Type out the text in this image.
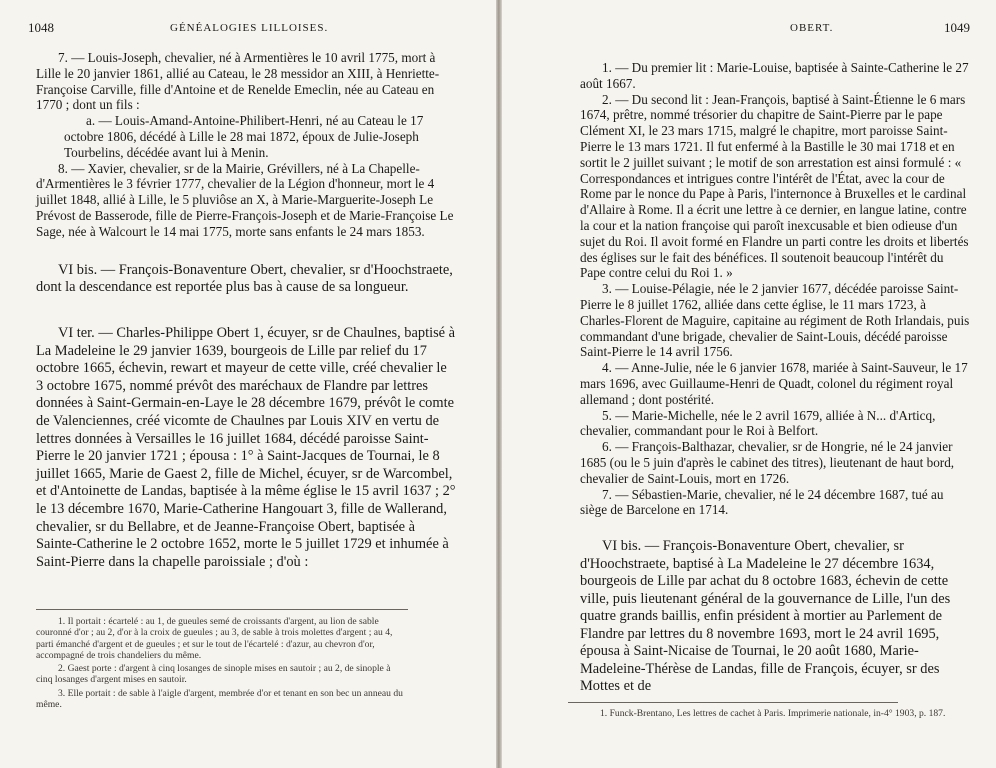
1048	GÉNÉALOGIES LILLOISES.

7. — Louis-Joseph, chevalier, né à Armentières le 10 avril 1775, mort à Lille le 20 janvier 1861, allié au Cateau, le 28 messidor an XIII, à Henriette-Françoise Carville, fille d'Antoine et de Renelde Emeclin, née au Cateau en 1770 ; dont un fils :

a. — Louis-Amand-Antoine-Philibert-Henri, né au Cateau le 17 octobre 1806, décédé à Lille le 28 mai 1872, époux de Julie-Joseph Tourbelins, décédée avant lui à Menin.

8. — Xavier, chevalier, sr de la Mairie, Grévillers, né à La Chapelle-d'Armentières le 3 février 1777, chevalier de la Légion d'honneur, mort le 4 juillet 1848, allié à Lille, le 5 pluviôse an X, à Marie-Marguerite-Joseph Le Prévost de Basserode, fille de Pierre-François-Joseph et de Marie-Françoise Le Sage, née à Walcourt le 14 mai 1775, morte sans enfants le 24 mars 1853.

VI bis. — François-Bonaventure Obert, chevalier, sr d'Hoochstraete, dont la descendance est reportée plus bas à cause de sa longueur.

VI ter. — Charles-Philippe Obert 1, écuyer, sr de Chaulnes, baptisé à La Madeleine le 29 janvier 1639, bourgeois de Lille par relief du 17 octobre 1665, échevin, rewart et mayeur de cette ville, créé chevalier le 3 octobre 1675, nommé prévôt des maréchaux de Flandre par lettres données à Saint-Germain-en-Laye le 28 décembre 1679, prévôt le comte de Valenciennes, créé vicomte de Chaulnes par Louis XIV en vertu de lettres données à Versailles le 16 juillet 1684, décédé paroisse Saint-Pierre le 20 janvier 1721 ; épousa : 1° à Saint-Jacques de Tournai, le 8 juillet 1665, Marie de Gaest 2, fille de Michel, écuyer, sr de Warcombel, et d'Antoinette de Landas, baptisée à la même église le 15 avril 1637 ; 2° le 13 décembre 1670, Marie-Catherine Hangouart 3, fille de Wallerand, chevalier, sr du Bellabre, et de Jeanne-Françoise Obert, baptisée à Sainte-Catherine le 2 octobre 1652, morte le 5 juillet 1729 et inhumée à Saint-Pierre dans la chapelle paroissiale ; d'où :

1. Il portait : écartelé : au 1, de gueules semé de croissants d'argent, au lion de sable couronné d'or ; au 2, d'or à la croix de gueules ; au 3, de sable à trois molettes d'argent ; au 4, parti émanché d'argent et de gueules ; et sur le tout de l'écartelé : d'azur, au chevron d'or, accompagné de trois chandeliers du même.

2. Gaest porte : d'argent à cinq losanges de sinople mises en sautoir ; au 2, de sinople à cinq losanges d'argent mises en sautoir.

3. Elle portait : de sable à l'aigle d'argent, membrée d'or et tenant en son bec un anneau du même.

OBERT.	1049

1. — Du premier lit : Marie-Louise, baptisée à Sainte-Catherine le 27 août 1667.

2. — Du second lit : Jean-François, baptisé à Saint-Étienne le 6 mars 1674, prêtre, nommé trésorier du chapitre de Saint-Pierre par le pape Clément XI, le 23 mars 1715, malgré le chapitre, mort paroisse Saint-Pierre le 13 mars 1721. Il fut enfermé à la Bastille le 30 mai 1718 et en sortit le 2 juillet suivant ; le motif de son arrestation est ainsi formulé : « Correspondances et intrigues contre l'intérêt de l'État, avec la cour de Rome par le nonce du Pape à Paris, l'internonce à Bruxelles et le cardinal d'Allaire à Rome. Il a écrit une lettre à ce dernier, en langue latine, contre la cour et la nation françoise qui paroît inexcusable et bien odieuse d'un sujet du Roi. Il avoit formé en Flandre un parti contre les droits et libertés des églises sur le fait des bénéfices. Il soutenoit beaucoup l'intérêt du Pape contre celui du Roi 1. »

3. — Louise-Pélagie, née le 2 janvier 1677, décédée paroisse Saint-Pierre le 8 juillet 1762, alliée dans cette église, le 11 mars 1723, à Charles-Florent de Maguire, capitaine au régiment de Roth Irlandais, puis commandant d'une brigade, chevalier de Saint-Louis, décédé paroisse Saint-Pierre le 14 avril 1756.

4. — Anne-Julie, née le 6 janvier 1678, mariée à Saint-Sauveur, le 17 mars 1696, avec Guillaume-Henri de Quadt, colonel du régiment royal allemand ; dont postérité.

5. — Marie-Michelle, née le 2 avril 1679, alliée à N... d'Articq, chevalier, commandant pour le Roi à Belfort.

6. — François-Balthazar, chevalier, sr de Hongrie, né le 24 janvier 1685 (ou le 5 juin d'après le cabinet des titres), lieutenant de haut bord, chevalier de Saint-Louis, mort en 1726.

7. — Sébastien-Marie, chevalier, né le 24 décembre 1687, tué au siège de Barcelone en 1714.

VI bis. — François-Bonaventure Obert, chevalier, sr d'Hoochstraete, baptisé à La Madeleine le 27 décembre 1634, bourgeois de Lille par achat du 8 octobre 1683, échevin de cette ville, puis lieutenant général de la gouvernance de Lille, l'un des quatre grands baillis, enfin président à mortier au Parlement de Flandre par lettres du 8 novembre 1693, mort le 24 avril 1695, épousa à Saint-Nicaise de Tournai, le 20 août 1680, Marie-Madeleine-Thérèse de Landas, fille de François, écuyer, sr des Mottes et de

1. Funck-Brentano, Les lettres de cachet à Paris. Imprimerie nationale, in-4° 1903, p. 187.
